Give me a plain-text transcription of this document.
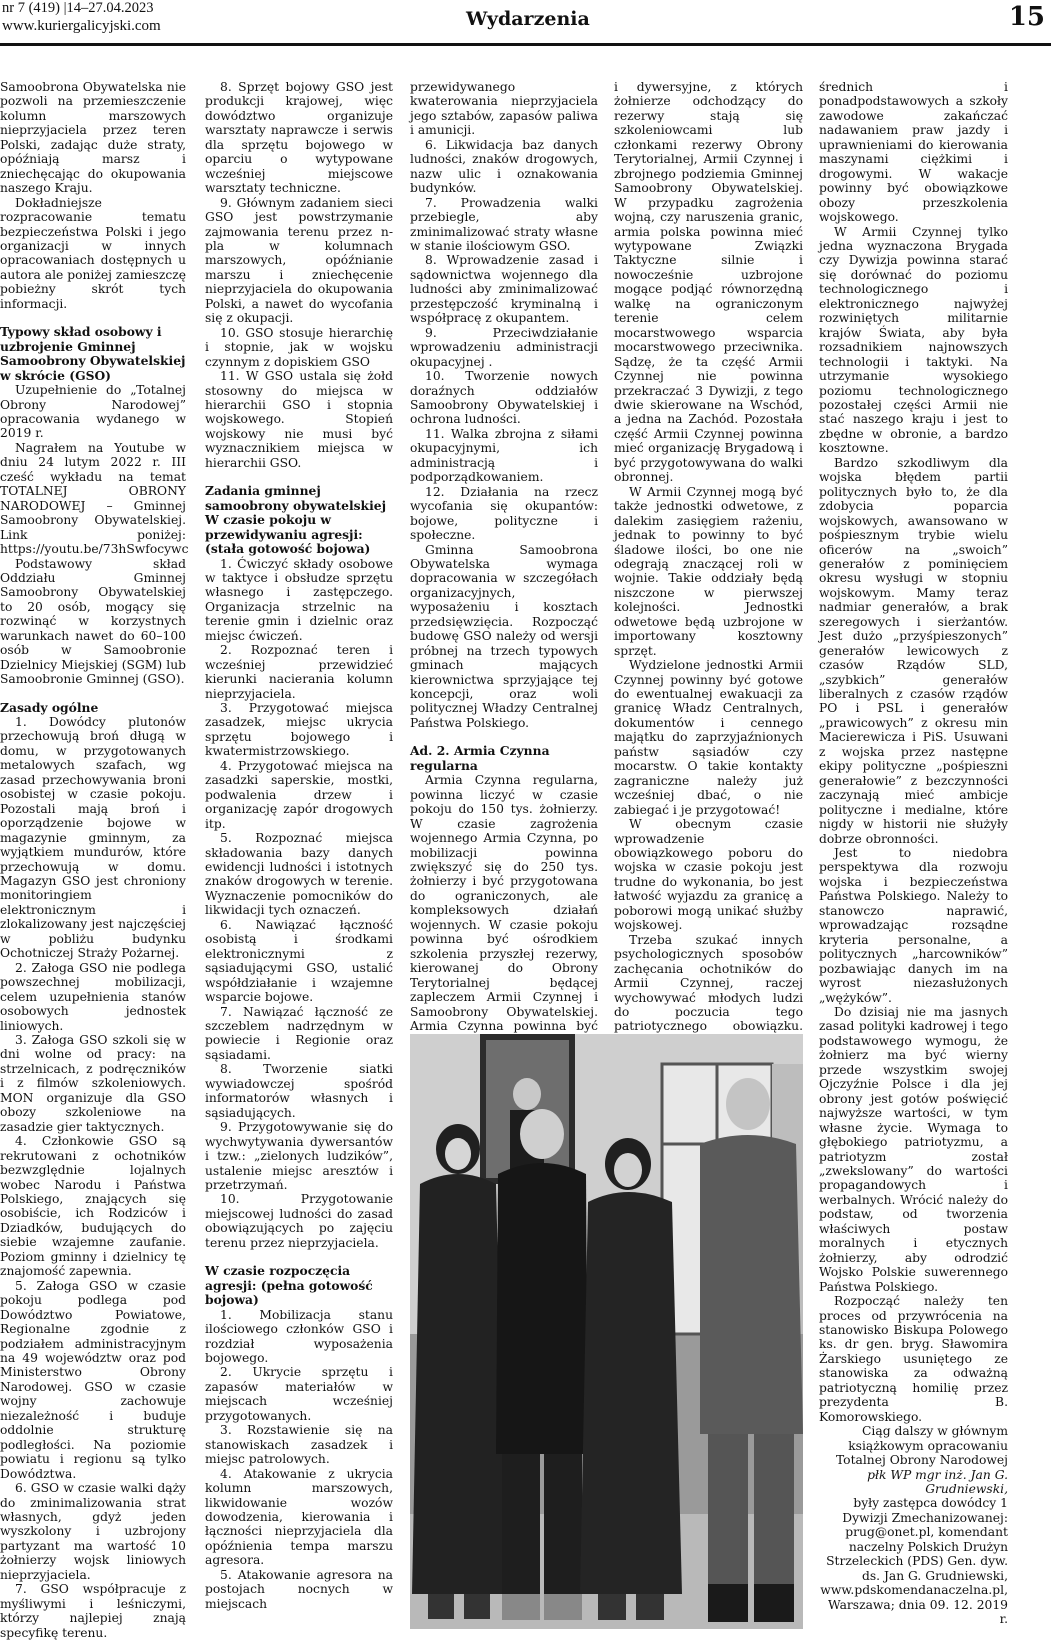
nr 7 (419) |14–27.04.2023
www.kuriergalicyjski.com	Wydarzenia	15

Samoobrona Obywatelska nie pozwoli na przemieszczenie kolumn marszowych nieprzyjaciela przez teren Polski, zadając duże straty, opóźniają marsz i zniechęcając do okupowania naszego Kraju.

Dokładniejsze rozpracowanie tematu bezpieczeństwa Polski i jego organizacji w innych opracowaniach dostępnych u autora ale poniżej zamieszczę pobieżny skrót tych informacji.

Typowy skład osobowy i uzbrojenie Gminnej Samoobrony Obywatelskiej w skrócie (GSO)

Uzupełnienie do „Totalnej Obrony Narodowej” opracowania wydanego w 2019 r.

Nagrałem na Youtube w dniu 24 lutym 2022 r. III cześć wykładu na temat TOTALNEJ OBRONY NARODOWEJ – Gminnej Samoobrony Obywatelskiej. Link poniżej: https://youtu.be/73hSwfocywc

Podstawowy skład Oddziału Gminnej Samoobrony Obywatelskiej to 20 osób, mogący się rozwinąć w korzystnych warunkach nawet do 60–100 osób w Samoobronie Dzielnicy Miejskiej (SGM) lub Samoobronie Gminnej (GSO).

Zasady ogólne

1. Dowódcy plutonów przechowują broń długą w domu, w przygotowanych metalowych szafach, wg zasad przechowywania broni osobistej w czasie pokoju. Pozostali mają broń i oporządzenie bojowe w magazynie gminnym, za wyjątkiem mundurów, które przechowują w domu. Magazyn GSO jest chroniony monitoringiem elektronicznym i zlokalizowany jest najczęściej w pobliżu budynku Ochotniczej Straży Pożarnej.

2. Załoga GSO nie podlega powszechnej mobilizacji, celem uzupełnienia stanów osobowych jednostek liniowych.

3. Załoga GSO szkoli się w dni wolne od pracy: na strzelnicach, z podręczników i z filmów szkoleniowych. MON organizuje dla GSO obozy szkoleniowe na zasadzie gier taktycznych.

4. Członkowie GSO są rekrutowani z ochotników bezwzględnie lojalnych wobec Narodu i Państwa Polskiego, znających się osobiście, ich Rodziców i Dziadków, budujących do siebie wzajemne zaufanie. Poziom gminny i dzielnicy tę znajomość zapewnia.

5. Załoga GSO w czasie pokoju podlega pod Dowództwo Powiatowe, Regionalne zgodnie z podziałem administracyjnym na 49 województw oraz pod Ministerstwo Obrony Narodowej. GSO w czasie wojny zachowuje niezależność i buduje oddolnie strukturę podległości. Na poziomie powiatu i regionu są tylko Dowództwa.

6. GSO w czasie walki dąży do zminimalizowania strat własnych, gdyż jeden wyszkolony i uzbrojony partyzant ma wartość 10 żołnierzy wojsk liniowych nieprzyjaciela.

7. GSO współpracuje z myśliwymi i leśniczymi, którzy najlepiej znają specyfikę terenu.

8. Sprzęt bojowy GSO jest produkcji krajowej, więc dowództwo organizuje warsztaty naprawcze i serwis dla sprzętu bojowego w oparciu o wytypowane wcześniej miejscowe warsztaty techniczne.

9. Głównym zadaniem sieci GSO jest powstrzymanie zajmowania terenu przez n-pla w kolumnach marszowych, opóźnianie marszu i zniechęcenie nieprzyjaciela do okupowania Polski, a nawet do wycofania się z okupacji.

10. GSO stosuje hierarchię i stopnie, jak w wojsku czynnym z dopiskiem GSO

11. W GSO ustala się żołd stosowny do miejsca w hierarchii GSO i stopnia wojskowego. Stopień wojskowy nie musi być wyznacznikiem miejsca w hierarchii GSO.

Zadania gminnej samoobrony obywatelskiej
W czasie pokoju w przewidywaniu agresji: (stała gotowość bojowa)

1. Ćwiczyć składy osobowe w taktyce i obsłudze sprzętu własnego i zastępczego. Organizacja strzelnic na terenie gmin i dzielnic oraz miejsc ćwiczeń.

2. Rozpoznać teren i wcześniej przewidzieć kierunki nacierania kolumn nieprzyjaciela.

3. Przygotować miejsca zasadzek, miejsc ukrycia sprzętu bojowego i kwatermistrzowskiego.

4. Przygotować miejsca na zasadzki saperskie, mostki, podwalenia drzew i organizację zapór drogowych itp.

5. Rozpoznać miejsca składowania bazy danych ewidencji ludności i istotnych znaków drogowych w terenie. Wyznaczenie pomocników do likwidacji tych oznaczeń.

6. Nawiązać łączność osobistą i środkami elektronicznymi z sąsiadującymi GSO, ustalić współdziałanie i wzajemne wsparcie bojowe.

7. Nawiązać łączność ze szczeblem nadrzędnym w powiecie i Regionie oraz sąsiadami.

8. Tworzenie siatki wywiadowczej spośród informatorów własnych i sąsiadujących.

9. Przygotowywanie się do wychwytywania dywersantów i tzw.: „zielonych ludzików”, ustalenie miejsc aresztów i przetrzymań.

10. Przygotowanie miejscowej ludności do zasad obowiązujących po zajęciu terenu przez nieprzyjaciela.

W czasie rozpoczęcia agresji: (pełna gotowość bojowa)

1. Mobilizacja stanu ilościowego członków GSO i rozdział wyposażenia bojowego.

2. Ukrycie sprzętu i zapasów materiałów w miejscach wcześniej przygotowanych.

3. Rozstawienie się na stanowiskach zasadzek i miejsc patrolowych.

4. Atakowanie z ukrycia kolumn marszowych, likwidowanie wozów dowodzenia, kierowania i łączności nieprzyjaciela dla opóźnienia tempa marszu agresora.

5. Atakowanie agresora na postojach nocnych w miejscach

przewidywanego kwaterowania nieprzyjaciela jego sztabów, zapasów paliwa i amunicji.

6. Likwidacja baz danych ludności, znaków drogowych, nazw ulic i oznakowania budynków.

7. Prowadzenia walki przebiegle, aby zminimalizować straty własne w stanie ilościowym GSO.

8. Wprowadzenie zasad i sądownictwa wojennego dla ludności aby zminimalizować przestępczość kryminalną i współpracę z okupantem.

9. Przeciwdziałanie wprowadzeniu administracji okupacyjnej .

10. Tworzenie nowych doraźnych oddziałów Samoobrony Obywatelskiej i ochrona ludności.

11. Walka zbrojna z siłami okupacyjnymi, ich administracją i podporządkowaniem.

12. Działania na rzecz wycofania się okupantów: bojowe, polityczne i społeczne.

Gminna Samoobrona Obywatelska wymaga dopracowania w szczegółach organizacyjnych, wyposażeniu i kosztach przedsięwzięcia. Rozpocząć budowę GSO należy od wersji próbnej na trzech typowych gminach mających kierownictwa sprzyjające tej koncepcji, oraz woli politycznej Władzy Centralnej Państwa Polskiego.

Ad. 2. Armia Czynna regularna

Armia Czynna regularna, powinna liczyć w czasie pokoju do 150 tys. żołnierzy. W czasie zagrożenia wojennego Armia Czynna, po mobilizacji powinna zwiększyć się do 250 tys. żołnierzy i być przygotowana do ograniczonych, ale kompleksowych działań wojennych. W czasie pokoju powinna być ośrodkiem szkolenia przyszłej rezerwy, kierowanej do Obrony Terytorialnej będącej zapleczem Armii Czynnej i Samoobrony Obywatelskiej. Armia Czynna powinna być

i dywersyjne, z których żołnierze odchodzący do rezerwy stają się szkoleniowcami lub członkami rezerwy Obrony Terytorialnej, Armii Czynnej i zbrojnego podziemia Gminnej Samoobrony Obywatelskiej. W przypadku zagrożenia wojną, czy naruszenia granic, armia polska powinna mieć wytypowane Związki Taktyczne silnie i nowocześnie uzbrojone mogące podjąć równorzędną walkę na ograniczonym terenie celem mocarstwowego wsparcia mocarstwowego przeciwnika. Sądzę, że ta część Armii Czynnej nie powinna przekraczać 3 Dywizji, z tego dwie skierowane na Wschód, a jedna na Zachód. Pozostała część Armii Czynnej powinna mieć organizację Brygadową i być przygotowywana do walki obronnej.

W Armii Czynnej mogą być także jednostki odwetowe, z dalekim zasięgiem rażeniu, jednak to powinny to być śladowe ilości, bo one nie odegrają znaczącej roli w wojnie. Takie oddziały będą niszczone w pierwszej kolejności. Jednostki odwetowe będą uzbrojone w importowany kosztowny sprzęt.

Wydzielone jednostki Armii Czynnej powinny być gotowe do ewentualnej ewakuacji za granicę Władz Centralnych, dokumentów i cennego majątku do zaprzyjaźnionych państw sąsiadów czy mocarstw. O takie kontakty zagraniczne należy już wcześniej dbać, o nie zabiegać i je przygotować!

W obecnym czasie wprowadzenie obowiązkowego poboru do wojska w czasie pokoju jest trudne do wykonania, bo jest łatwość wyjazdu za granicę a poborowi mogą unikać służby wojskowej.

Trzeba szukać innych psychologicznych sposobów zachęcania ochotników do Armii Czynnej, raczej wychowywać młodych ludzi do poczucia tego patriotycznego obowiązku.

średnich i ponadpodstawowych a szkoły zawodowe zakańczać nadawaniem praw jazdy i uprawnieniami do kierowania maszynami ciężkimi i drogowymi. W wakacje powinny być obowiązkowe obozy przeszkolenia wojskowego.

W Armii Czynnej tylko jedna wyznaczona Brygada czy Dywizja powinna starać się dorównać do poziomu technologicznego i elektronicznego najwyżej rozwiniętych militarnie krajów Świata, aby była rozsadnikiem najnowszych technologii i taktyki. Na utrzymanie wysokiego poziomu technologicznego pozostałej części Armii nie stać naszego kraju i jest to zbędne w obronie, a bardzo kosztowne.

Bardzo szkodliwym dla wojska błędem partii politycznych było to, że dla zdobycia poparcia wojskowych, awansowano w pośpiesznym trybie wielu oficerów na „swoich” generałów z pominięciem okresu wysługi w stopniu wojskowym. Mamy teraz nadmiar generałów, a brak szeregowych i sierżantów. Jest dużo „przyśpieszonych” generałów lewicowych z czasów Rządów SLD, „szybkich” generałów liberalnych z czasów rządów PO i PSL i generałów „prawicowych” z okresu min Macierewicza i PiS. Usuwani z wojska przez następne ekipy polityczne „pośpieszni generałowie” z bezczynności zaczynają mieć ambicje polityczne i medialne, które nigdy w historii nie służyły dobrze obronności.

Jest to niedobra perspektywa dla rozwoju wojska i bezpieczeństwa Państwa Polskiego. Należy to stanowczo naprawić, wprowadzając rozsądne kryteria personalne, a politycznych „harcowników” pozbawiając danych im na wyrost niezasłużonych „wężyków”.

Do dzisiaj nie ma jasnych zasad polityki kadrowej i tego podstawowego wymogu, że żołnierz ma być wierny przede wszystkim swojej Ojczyźnie Polsce i dla jej obrony jest gotów poświęcić najwyższe wartości, w tym własne życie. Wymaga to głębokiego patriotyzmu, a patriotyzm został „zwekslowany” do wartości propagandowych i werbalnych. Wrócić należy do podstaw, od tworzenia właściwych postaw moralnych i etycznych żołnierzy, aby odrodzić Wojsko Polskie suwerennego Państwa Polskiego.

Rozpocząć należy ten proces od przywrócenia na stanowisko Biskupa Polowego ks. dr gen. bryg. Sławomira Żarskiego usuniętego ze stanowiska za odważną patriotyczną homilię przez prezydenta B. Komorowskiego.

Ciąg dalszy w głównym książkowym opracowaniu Totalnej Obrony Narodowej

płk WP mgr inż. Jan G. Grudniewski,

były zastępca dowódcy 1 Dywizji Zmechanizowanej: prug@onet.pl, komendant naczelny Polskich Drużyn Strzeleckich (PDS) Gen. dyw. ds. Jan G. Grudniewski, www.pdskomendanaczelna.pl, Warszawa; dnia 09. 12. 2019 r.
